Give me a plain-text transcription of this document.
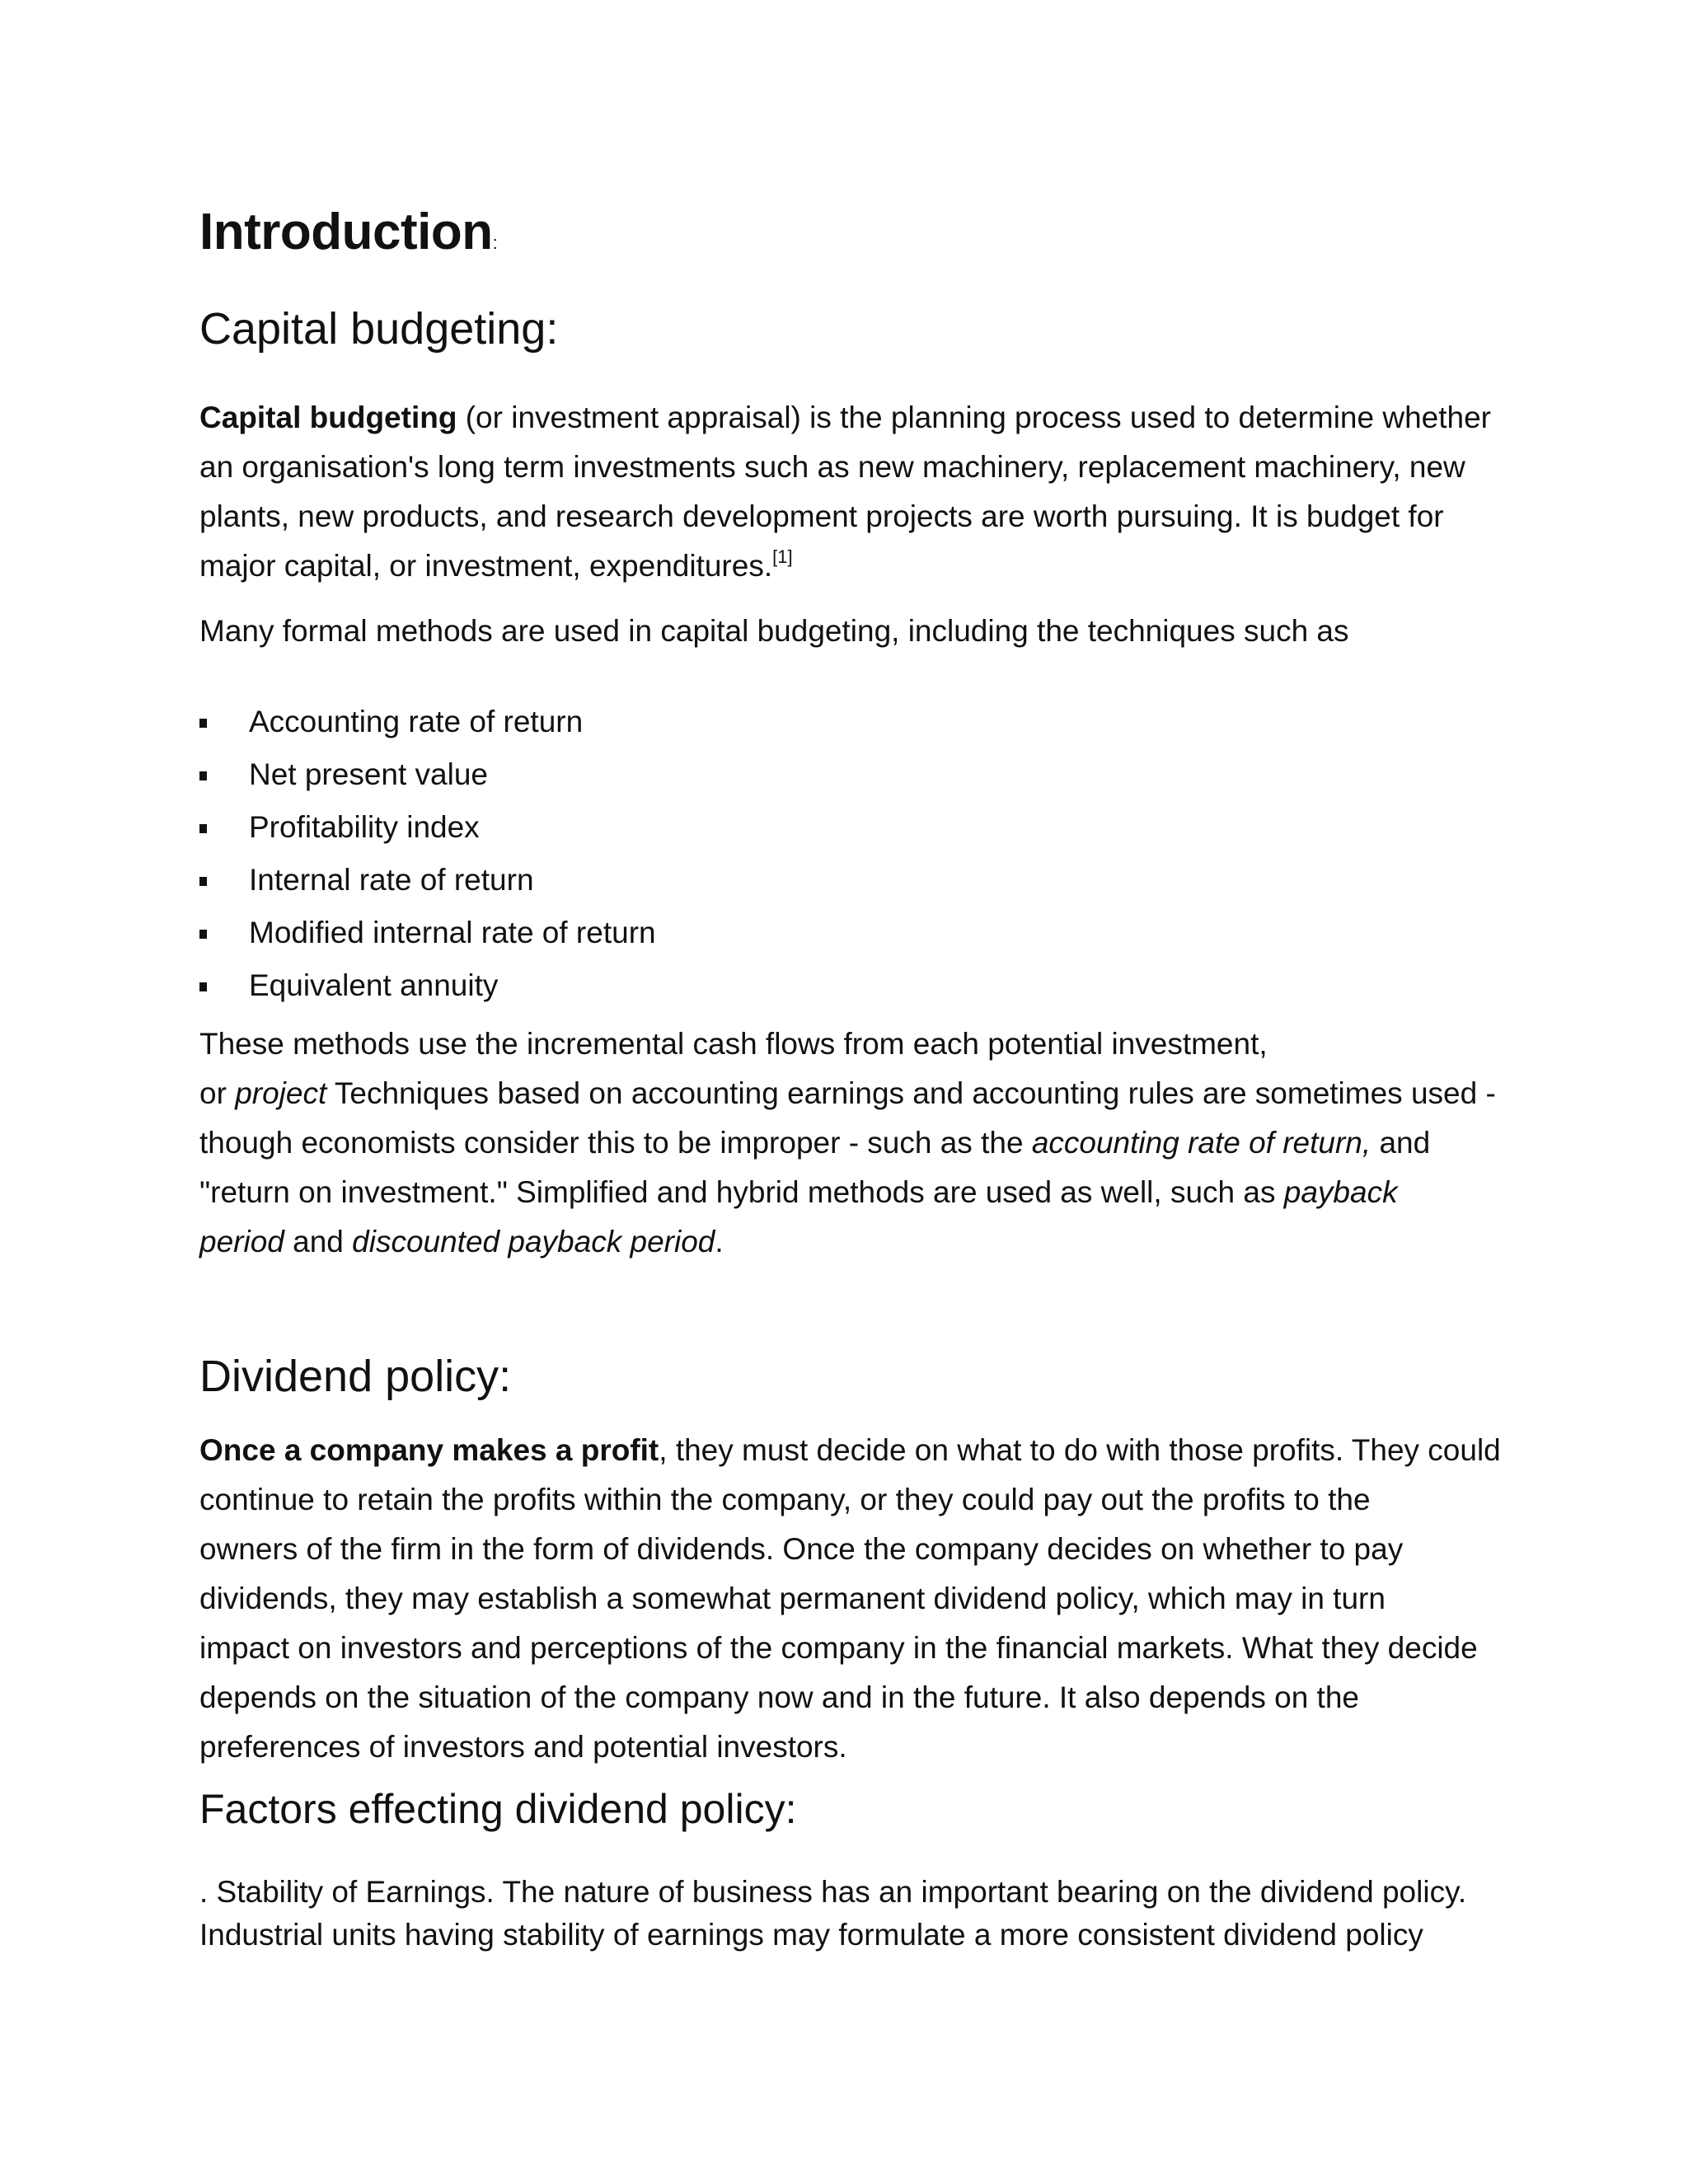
Introduction:
Capital budgeting:
Capital budgeting (or investment appraisal) is the planning process used to determine whether
an organisation's long term investments such as new machinery, replacement machinery, new
plants, new products, and research development projects are worth pursuing. It is budget for
major capital, or investment, expenditures.[1]
Many formal methods are used in capital budgeting, including the techniques such as
Accounting rate of return
Net present value
Profitability index
Internal rate of return
Modified internal rate of return
Equivalent annuity
These methods use the incremental cash flows from each potential investment,
or project Techniques based on accounting earnings and accounting rules are sometimes used -
though economists consider this to be improper - such as the accounting rate of return, and
"return on investment." Simplified and hybrid methods are used as well, such as payback
period and discounted payback period.
Dividend policy:
Once a company makes a profit, they must decide on what to do with those profits. They could
continue to retain the profits within the company, or they could pay out the profits to the
owners of the firm in the form of dividends. Once the company decides on whether to pay
dividends, they may establish a somewhat permanent dividend policy, which may in turn
impact on investors and perceptions of the company in the financial markets. What they decide
depends on the situation of the company now and in the future. It also depends on the
preferences of investors and potential investors.
Factors effecting dividend policy:
. Stability of Earnings. The nature of business has an important bearing on the dividend policy.
Industrial units having stability of earnings may formulate a more consistent dividend policy
